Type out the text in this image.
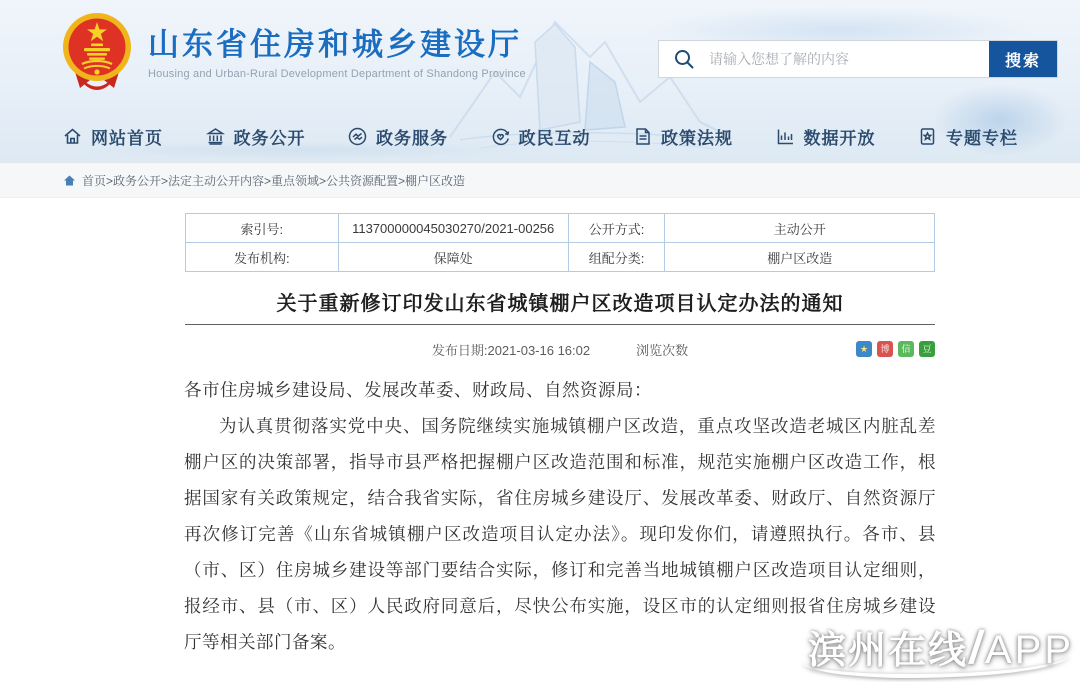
山东省住房和城乡建设厅
Housing and Urban-Rural Development Department of Shandong Province
请输入您想了解的内容
搜索
网站首页	政务公开	政务服务	政民互动	政策法规	数据开放	专题专栏
首页>政务公开>法定主动公开内容>重点领域>公共资源配置>棚户区改造
索引号:	113700000045030270/2021-00256	公开方式:	主动公开
发布机构:	保障处	组配分类:	棚户区改造
关于重新修订印发山东省城镇棚户区改造项目认定办法的通知
发布日期:2021-03-16 16:02	浏览次数	★	博	信	豆

各市住房城乡建设局、发展改革委、财政局、自然资源局：

为认真贯彻落实党中央、国务院继续实施城镇棚户区改造，重点攻坚改造老城区内脏乱差棚户区的决策部署，指导市县严格把握棚户区改造范围和标准，规范实施棚户区改造工作，根据国家有关政策规定，结合我省实际，省住房城乡建设厅、发展改革委、财政厅、自然资源厅再次修订完善《山东省城镇棚户区改造项目认定办法》。现印发你们，请遵照执行。各市、县（市、区）住房城乡建设等部门要结合实际，修订和完善当地城镇棚户区改造项目认定细则，报经市、县（市、区）人民政府同意后，尽快公布实施，设区市的认定细则报省住房城乡建设厅等相关部门备案。	滨州在线
/
APP
